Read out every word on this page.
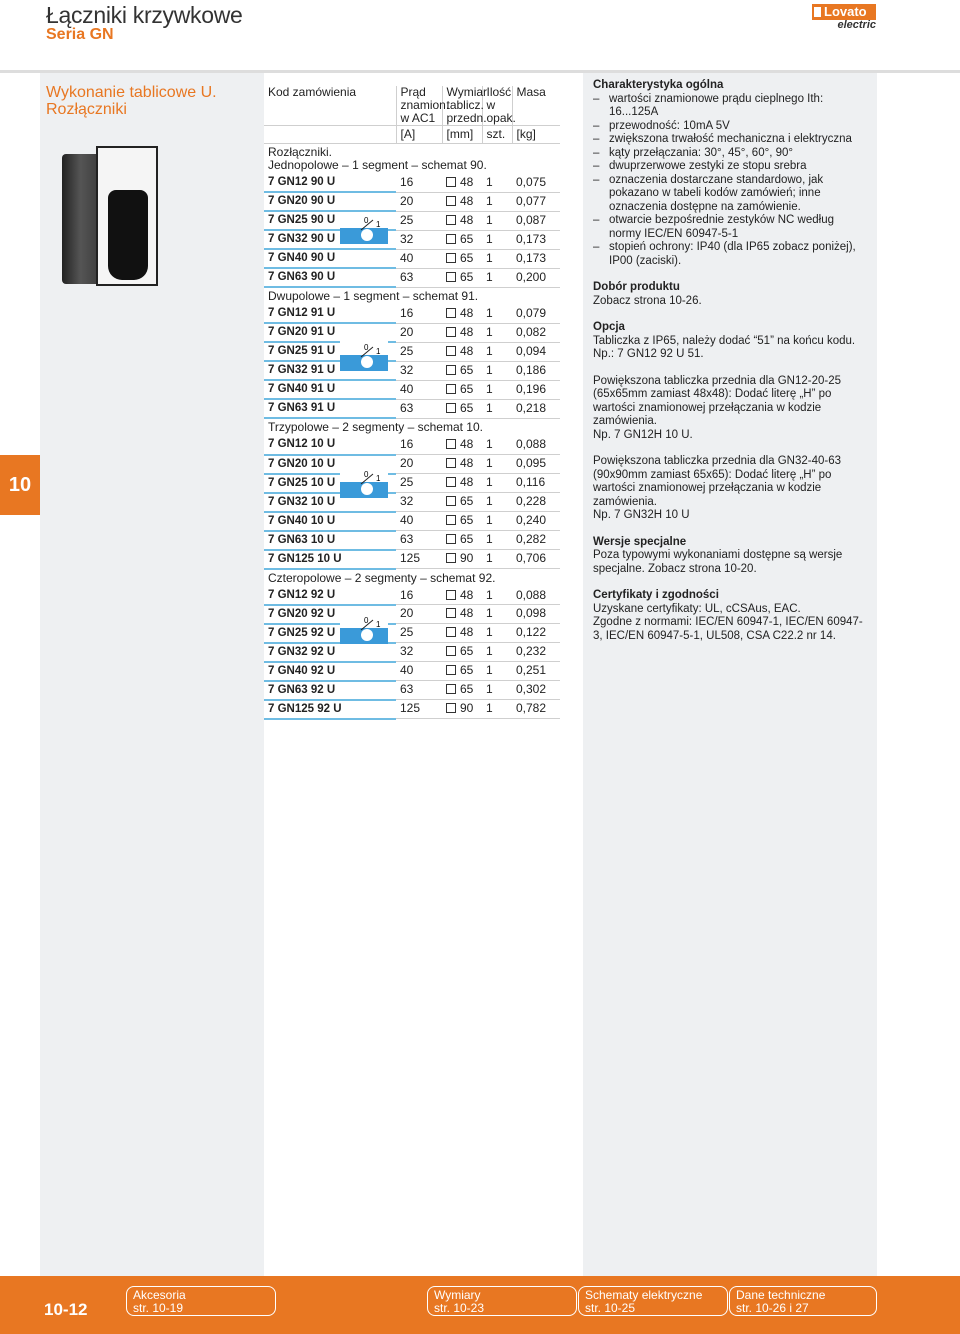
Łączniki krzywkowe
Seria GN
Lovato
electric
10
Wykonanie tablicowe U.
Rozłączniki
Kod zamówienia	Prąd znamion. w AC1	Wymiar tablicz. przedn.	Ilość w opak.	Masa
	[A]	[mm]	szt.	[kg]

Rozłączniki.
Jednopolowe – 1 segment – schemat 90.				

7 GN12 90 U	16	48	1	0,075
7 GN20 90 U	20	48	1	0,077
7 GN25 90 U	25	48	1	0,087
7 GN32 90 U	32	65	1	0,173
7 GN40 90 U	40	65	1	0,173
7 GN63 90 U	63	65	1	0,200

Dwupolowe – 1 segment – schemat 91.				

7 GN12 91 U	16	48	1	0,079
7 GN20 91 U	20	48	1	0,082
7 GN25 91 U	25	48	1	0,094
7 GN32 91 U	32	65	1	0,186
7 GN40 91 U	40	65	1	0,196
7 GN63 91 U	63	65	1	0,218

Trzypolowe – 2 segmenty – schemat 10.				

7 GN12 10 U	16	48	1	0,088
7 GN20 10 U	20	48	1	0,095
7 GN25 10 U	25	48	1	0,116
7 GN32 10 U	32	65	1	0,228
7 GN40 10 U	40	65	1	0,240
7 GN63 10 U	63	65	1	0,282
7 GN125 10 U	125	90	1	0,706

Czteropolowe – 2 segmenty – schemat 92.				

7 GN12 92 U	16	48	1	0,088
7 GN20 92 U	20	48	1	0,098
7 GN25 92 U	25	48	1	0,122
7 GN32 92 U	32	65	1	0,232
7 GN40 92 U	40	65	1	0,251
7 GN63 92 U	63	65	1	0,302
7 GN125 92 U	125	90	1	0,782
0 1
0 1
0 1
0 1
Charakterystyka ogólna
– wartości znamionowe prądu cieplnego Ith: 16...125A
– przewodność: 10mA 5V
– zwiększona trwałość mechaniczna i elektryczna
– kąty przełączania: 30°, 45°, 60°, 90°
– dwuprzerwowe zestyki ze stopu srebra
– oznaczenia dostarczane standardowo, jak pokazano w tabeli kodów zamówień; inne oznaczenia dostępne na zamówienie.
– otwarcie bezpośrednie zestyków NC według normy IEC/EN 60947-5-1
– stopień ochrony: IP40 (dla IP65 zobacz poniżej), IP00 (zaciski).
Dobór produktu
Zobacz strona 10-26.
Opcja
Tabliczka z IP65, należy dodać “51” na końcu kodu.
Np.: 7 GN12 92 U 51.
Powiększona tabliczka przednia dla GN12-20-25 (65x65mm zamiast 48x48): Dodać literę „H” po wartości znamionowej przełączania w kodzie zamówienia.
Np. 7 GN12H 10 U.
Powiększona tabliczka przednia dla GN32-40-63 (90x90mm zamiast 65x65): Dodać literę „H” po wartości znamionowej przełączania w kodzie zamówienia.
Np. 7 GN32H 10 U
Wersje specjalne
Poza typowymi wykonaniami dostępne są wersje specjalne. Zobacz strona 10-20.
Certyfikaty i zgodności
Uzyskane certyfikaty: UL, cCSAus, EAC.
Zgodne z normami: IEC/EN 60947-1, IEC/EN 60947-3, IEC/EN 60947-5-1, UL508, CSA C22.2 nr 14.
10-12
Akcesoria
str. 10-19
Wymiary
str. 10-23
Schematy elektryczne
str. 10-25
Dane techniczne
str. 10-26 i 27
